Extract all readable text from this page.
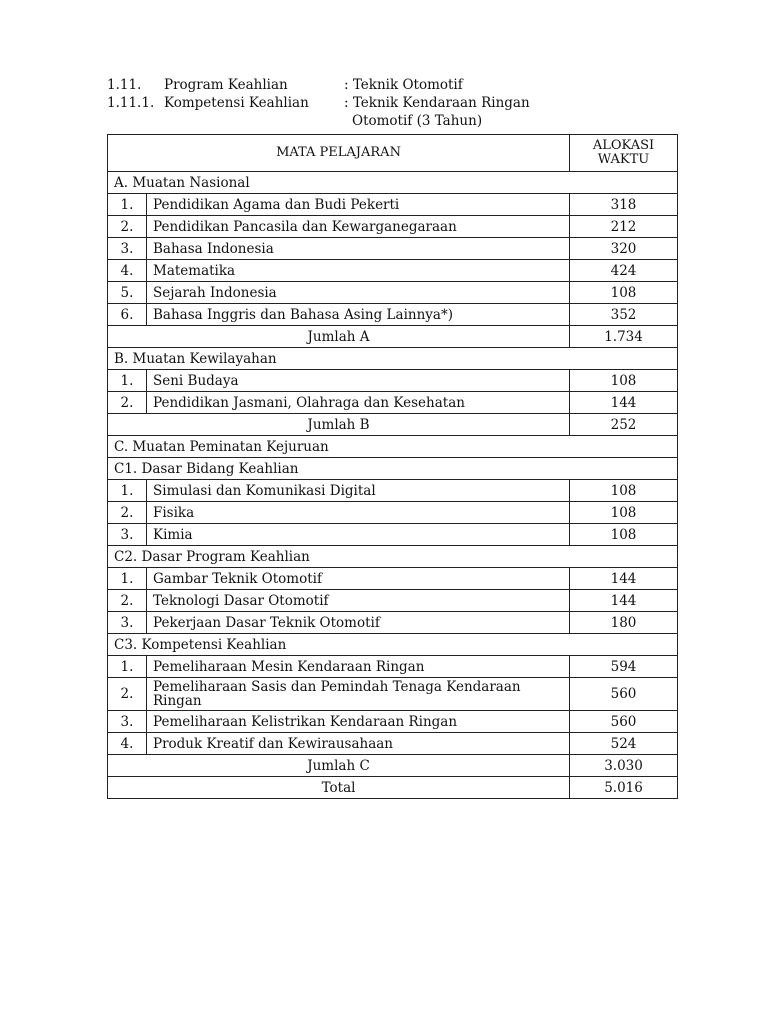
1.11. Program Keahlian	: Teknik Otomotif
1.11.1. Kompetensi Keahlian	: Teknik Kendaraan Ringan
Otomotif (3 Tahun)
MATA PELAJARAN		ALOKASI
WAKTU
A. Muatan Nasional		
1.	Pendidikan Agama dan Budi Pekerti	318
2.	Pendidikan Pancasila dan Kewarganegaraan	212
3.	Bahasa Indonesia	320
4.	Matematika	424
5.	Sejarah Indonesia	108
6.	Bahasa Inggris dan Bahasa Asing Lainnya*)	352
Jumlah A		1.734
B. Muatan Kewilayahan		
1.	Seni Budaya	108
2.	Pendidikan Jasmani, Olahraga dan Kesehatan	144
Jumlah B		252
C. Muatan Peminatan Kejuruan		
C1. Dasar Bidang Keahlian		
1.	Simulasi dan Komunikasi Digital	108
2.	Fisika	108
3.	Kimia	108
C2. Dasar Program Keahlian		
1.	Gambar Teknik Otomotif	144
2.	Teknologi Dasar Otomotif	144
3.	Pekerjaan Dasar Teknik Otomotif	180
C3. Kompetensi Keahlian		
1.	Pemeliharaan Mesin Kendaraan Ringan	594
2.	Pemeliharaan Sasis dan Pemindah Tenaga Kendaraan Ringan	560
3.	Pemeliharaan Kelistrikan Kendaraan Ringan	560
4.	Produk Kreatif dan Kewirausahaan	524
Jumlah C		3.030
Total		5.016
